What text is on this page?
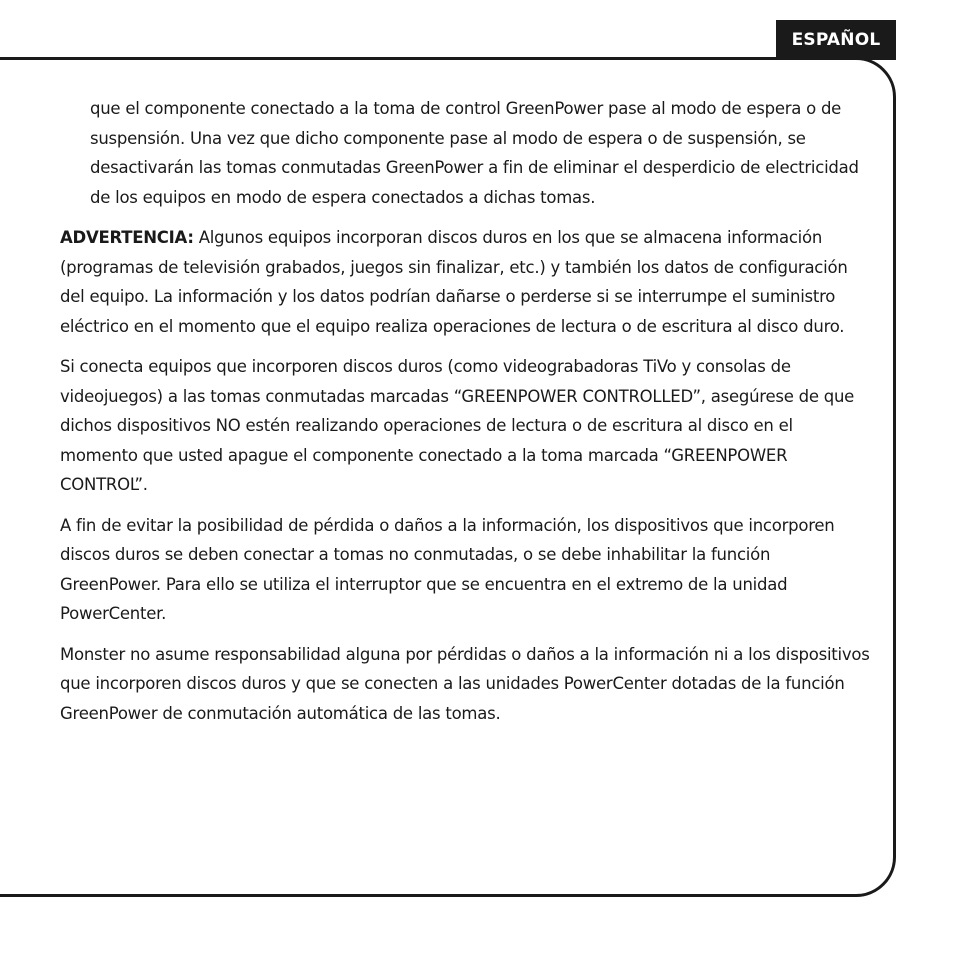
ESPAÑOL

que el componente conectado a la toma de control GreenPower pase al modo de espera o de suspensión. Una vez que dicho componente pase al modo de espera o de suspensión, se desactivarán las tomas conmutadas GreenPower a fin de eliminar el desperdicio de electricidad de los equipos en modo de espera conectados a dichas tomas.

ADVERTENCIA: Algunos equipos incorporan discos duros en los que se almacena información (programas de televisión grabados, juegos sin finalizar, etc.) y también los datos de configuración del equipo. La información y los datos podrían dañarse o perderse si se interrumpe el suministro eléctrico en el momento que el equipo realiza operaciones de lectura o de escritura al disco duro.

Si conecta equipos que incorporen discos duros (como videograbadoras TiVo y consolas de videojuegos) a las tomas conmutadas marcadas “GREENPOWER CONTROLLED”, asegúrese de que dichos dispositivos NO estén realizando operaciones de lectura o de escritura al disco en el momento que usted apague el componente conectado a la toma marcada “GREENPOWER CONTROL”.

A fin de evitar la posibilidad de pérdida o daños a la información, los dispositivos que incorporen discos duros se deben conectar a tomas no conmutadas, o se debe inhabilitar la función GreenPower. Para ello se utiliza el interruptor que se encuentra en el extremo de la unidad PowerCenter.

Monster no asume responsabilidad alguna por pérdidas o daños a la información ni a los dispositivos que incorporen discos duros y que se conecten a las unidades PowerCenter dotadas de la función GreenPower de conmutación automática de las tomas.
